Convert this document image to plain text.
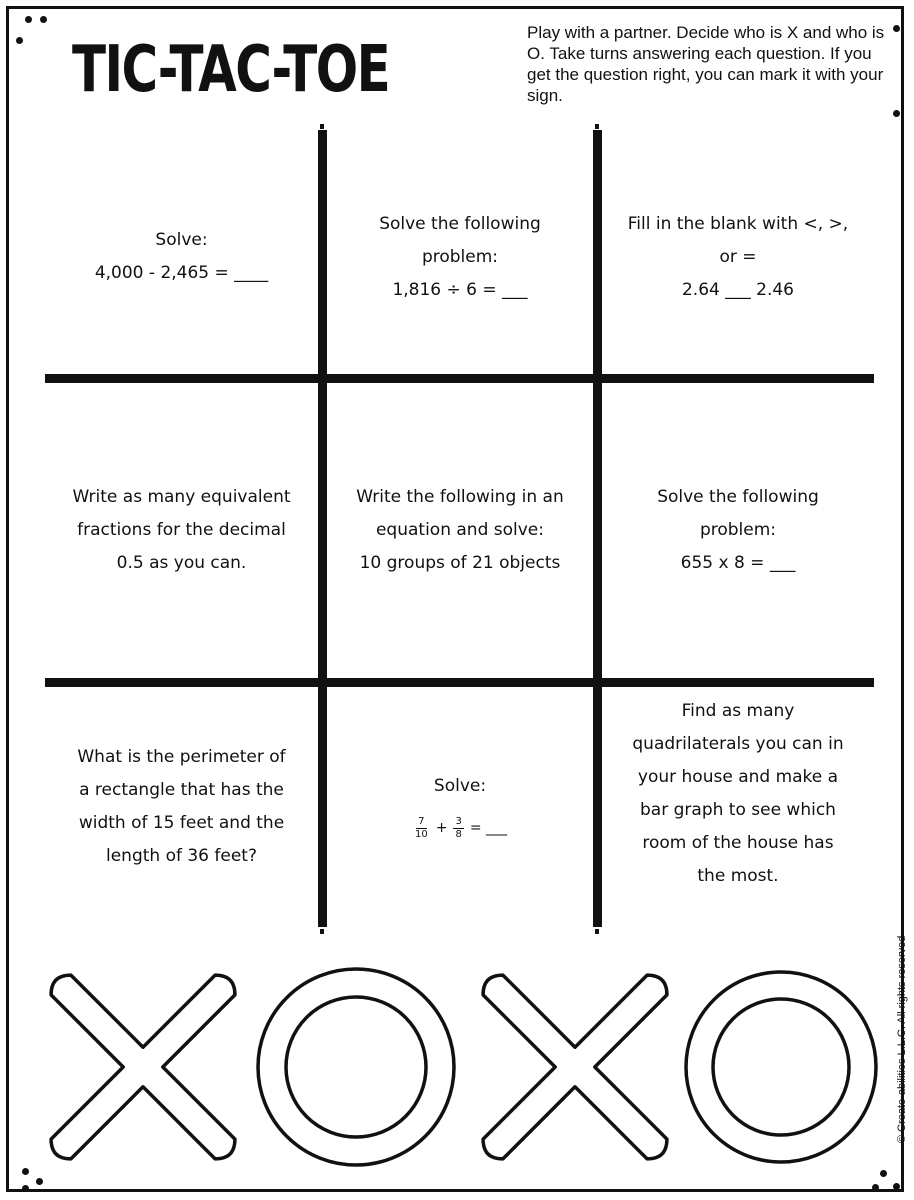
TIC-TAC-TOE
Play with a partner. Decide who is X and who is O. Take turns answering each question. If you get the question right, you can mark it with your sign.
Solve:
4,000 - 2,465 = ____
Solve the following
problem:
1,816 ÷ 6 = ___
Fill in the blank with <, >,
or =
2.64 ___ 2.46
Write as many equivalent
fractions for the decimal
0.5 as you can.
Write the following in an
equation and solve:
10 groups of 21 objects
Solve the following
problem:
655 x 8 = ___
What is the perimeter of
a rectangle that has the
width of 15 feet and the
length of 36 feet?
Solve:
$\frac{7}{10} + \frac{3}{8}$ = ___
Find as many
quadrilaterals you can in
your house and make a
bar graph to see which
room of the house has
the most.
© Create-abilities L.L.C. All rights reserved
